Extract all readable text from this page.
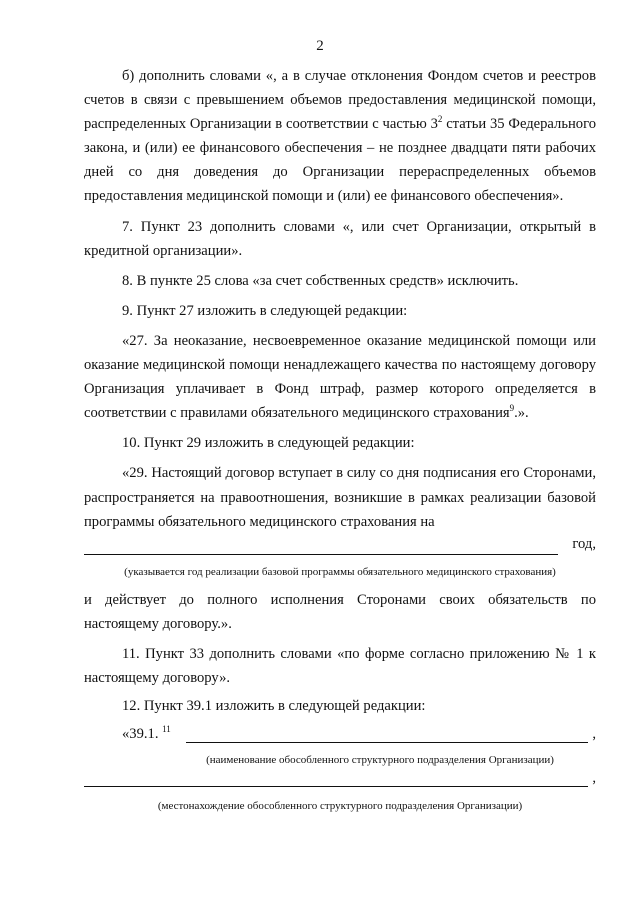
2

б) дополнить словами «, а в случае отклонения Фондом счетов и реестров счетов в связи с превышением объемов предоставления медицинской помощи, распределенных Организации в соответствии с частью $3^2$ статьи 35 Федерального закона, и (или) ее финансового обеспечения – не позднее двадцати пяти рабочих дней со дня доведения до Организации перераспределенных объемов предоставления медицинской помощи и (или) ее финансового обеспечения».

7. Пункт 23 дополнить словами «, или счет Организации, открытый в кредитной организации».

8. В пункте 25 слова «за счет собственных средств» исключить.

9. Пункт 27 изложить в следующей редакции:

«27. За неоказание, несвоевременное оказание медицинской помощи или оказание медицинской помощи ненадлежащего качества по настоящему договору Организация уплачивает в Фонд штраф, размер которого определяется в соответствии с правилами обязательного медицинского страхования$^9$.».

10. Пункт 29 изложить в следующей редакции:

«29. Настоящий договор вступает в силу со дня подписания его Сторонами, распространяется на правоотношения, возникшие в рамках реализации базовой программы обязательного медицинского страхования на

год,

(указывается год реализации базовой программы обязательного медицинского страхования)

и действует до полного исполнения Сторонами своих обязательств по настоящему договору.».

11. Пункт 33 дополнить словами «по форме согласно приложению № 1 к настоящему договору».

12. Пункт 39.1 изложить в следующей редакции:

«39.1. $^{11}$	,

(наименование обособленного структурного подразделения Организации)

,

(местонахождение обособленного структурного подразделения Организации)
